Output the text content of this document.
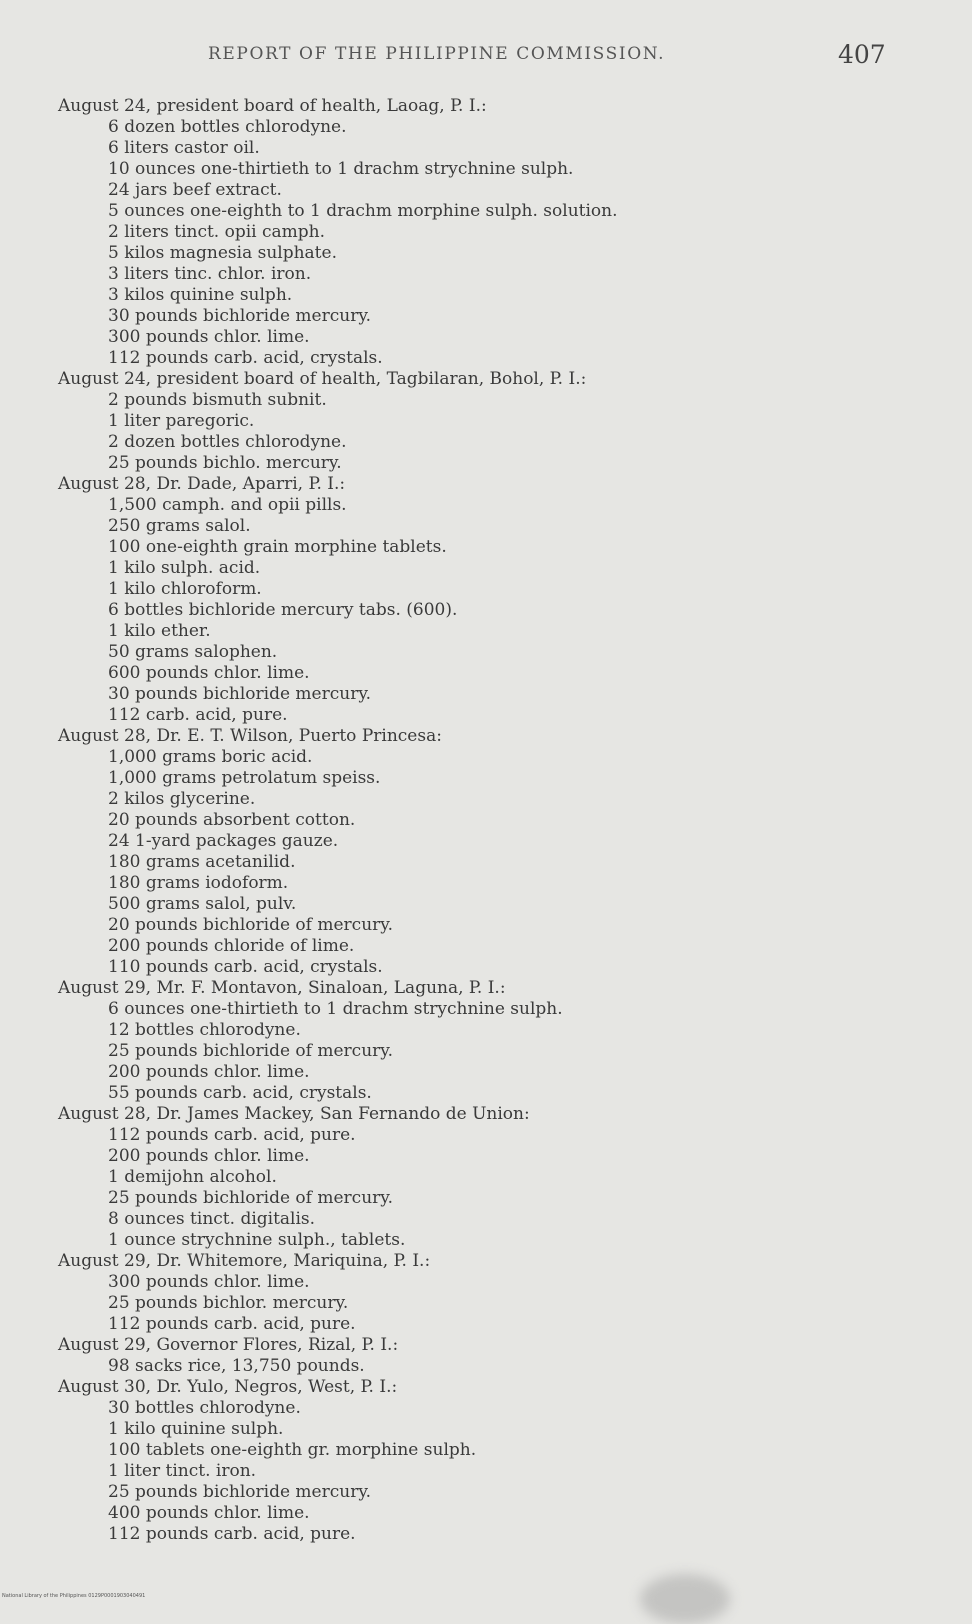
REPORT OF THE PHILIPPINE COMMISSION.	407
August 24, president board of health, Laoag, P. I.:
6 dozen bottles chlorodyne.
6 liters castor oil.
10 ounces one-thirtieth to 1 drachm strychnine sulph.
24 jars beef extract.
5 ounces one-eighth to 1 drachm morphine sulph. solution.
2 liters tinct. opii camph.
5 kilos magnesia sulphate.
3 liters tinc. chlor. iron.
3 kilos quinine sulph.
30 pounds bichloride mercury.
300 pounds chlor. lime.
112 pounds carb. acid, crystals.
August 24, president board of health, Tagbilaran, Bohol, P. I.:
2 pounds bismuth subnit.
1 liter paregoric.
2 dozen bottles chlorodyne.
25 pounds bichlo. mercury.
August 28, Dr. Dade, Aparri, P. I.:
1,500 camph. and opii pills.
250 grams salol.
100 one-eighth grain morphine tablets.
1 kilo sulph. acid.
1 kilo chloroform.
6 bottles bichloride mercury tabs. (600).
1 kilo ether.
50 grams salophen.
600 pounds chlor. lime.
30 pounds bichloride mercury.
112 carb. acid, pure.
August 28, Dr. E. T. Wilson, Puerto Princesa:
1,000 grams boric acid.
1,000 grams petrolatum speiss.
2 kilos glycerine.
20 pounds absorbent cotton.
24 1-yard packages gauze.
180 grams acetanilid.
180 grams iodoform.
500 grams salol, pulv.
20 pounds bichloride of mercury.
200 pounds chloride of lime.
110 pounds carb. acid, crystals.
August 29, Mr. F. Montavon, Sinaloan, Laguna, P. I.:
6 ounces one-thirtieth to 1 drachm strychnine sulph.
12 bottles chlorodyne.
25 pounds bichloride of mercury.
200 pounds chlor. lime.
55 pounds carb. acid, crystals.
August 28, Dr. James Mackey, San Fernando de Union:
112 pounds carb. acid, pure.
200 pounds chlor. lime.
1 demijohn alcohol.
25 pounds bichloride of mercury.
8 ounces tinct. digitalis.
1 ounce strychnine sulph., tablets.
August 29, Dr. Whitemore, Mariquina, P. I.:
300 pounds chlor. lime.
25 pounds bichlor. mercury.
112 pounds carb. acid, pure.
August 29, Governor Flores, Rizal, P. I.:
98 sacks rice, 13,750 pounds.
August 30, Dr. Yulo, Negros, West, P. I.:
30 bottles chlorodyne.
1 kilo quinine sulph.
100 tablets one-eighth gr. morphine sulph.
1 liter tinct. iron.
25 pounds bichloride mercury.
400 pounds chlor. lime.
112 pounds carb. acid, pure.
National Library of the Philippines 0129P0001903040491
